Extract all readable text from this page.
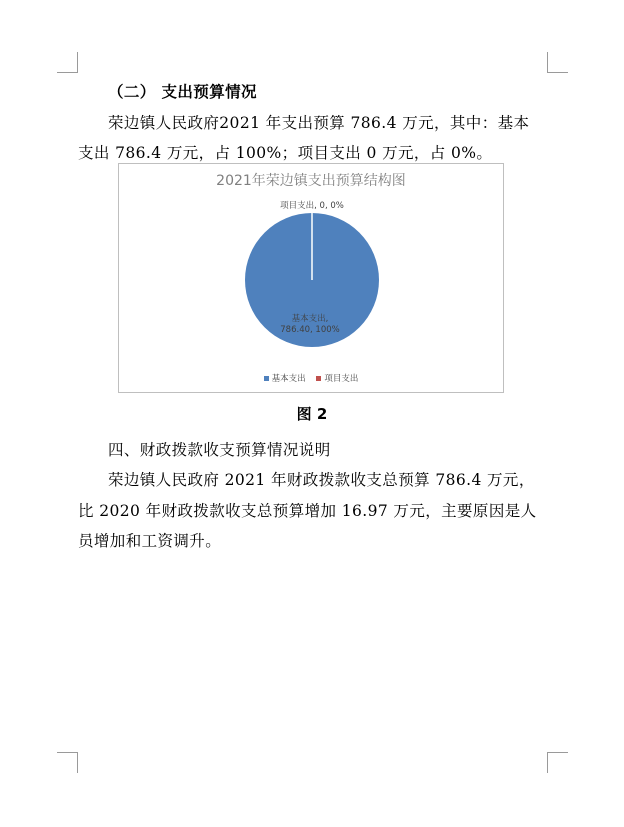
（二） 支出预算情况
荣边镇人民政府2021 年支出预算 786.4 万元，其中：基本
支出 786.4 万元，占 100%；项目支出 0 万元，占 0%。
2021年荣边镇支出预算结构图
项目支出, 0, 0%
基本支出,
786.40, 100%
基本支出 项目支出
图 2
四、财政拨款收支预算情况说明
荣边镇人民政府 2021 年财政拨款收支总预算 786.4 万元，
比 2020 年财政拨款收支总预算增加 16.97 万元，主要原因是人
员增加和工资调升。
